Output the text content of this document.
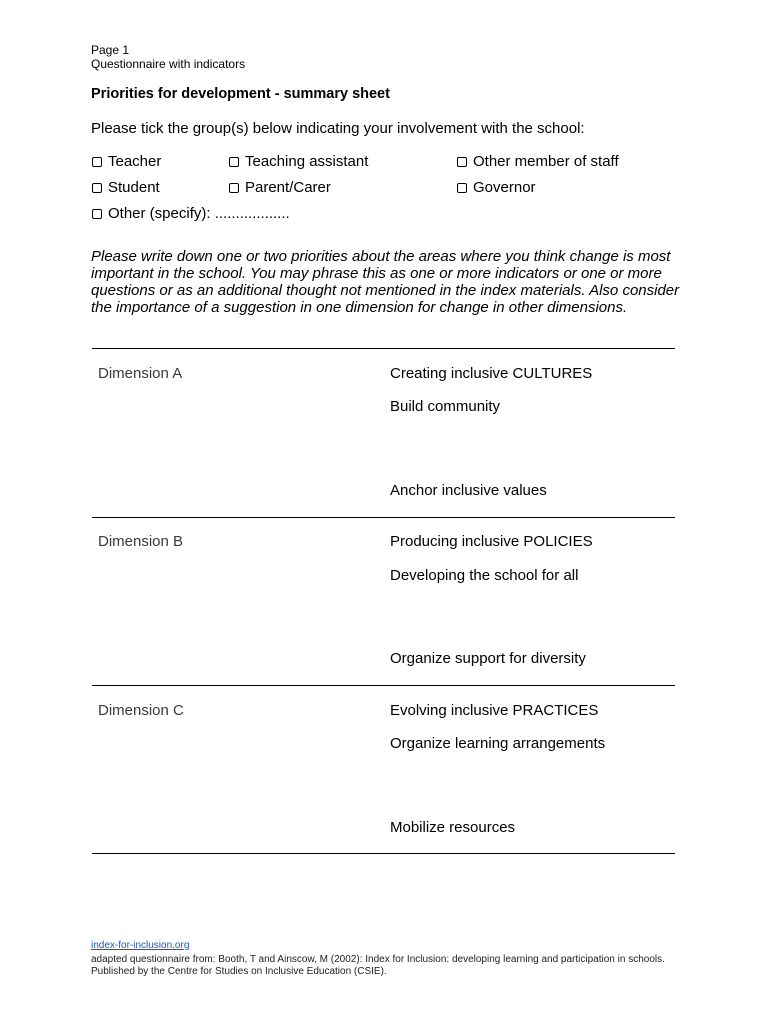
Page 1
Questionnaire with indicators
Priorities for development - summary sheet
Please tick the group(s) below indicating your involvement with the school:
Teacher	Teaching assistant	Other member of staff
Student	Parent/Carer	Governor
Other (specify): ..................
Please write down one or two priorities about the areas where you think change is most important in the school. You may phrase this as one or more indicators or one or more questions or as an additional thought not mentioned in the index materials. Also consider the importance of a suggestion in one dimension for change in other dimensions.
Dimension A	Creating inclusive CULTURES
Build community
Anchor inclusive values
Dimension B	Producing inclusive POLICIES
Developing the school for all
Organize support for diversity
Dimension C	Evolving inclusive PRACTICES
Organize learning arrangements
Mobilize resources
index-for-inclusion.org
adapted questionnaire from: Booth, T and Ainscow, M (2002): Index for Inclusion: developing learning and participation in schools. Published by the Centre for Studies on Inclusive Education (CSIE).
